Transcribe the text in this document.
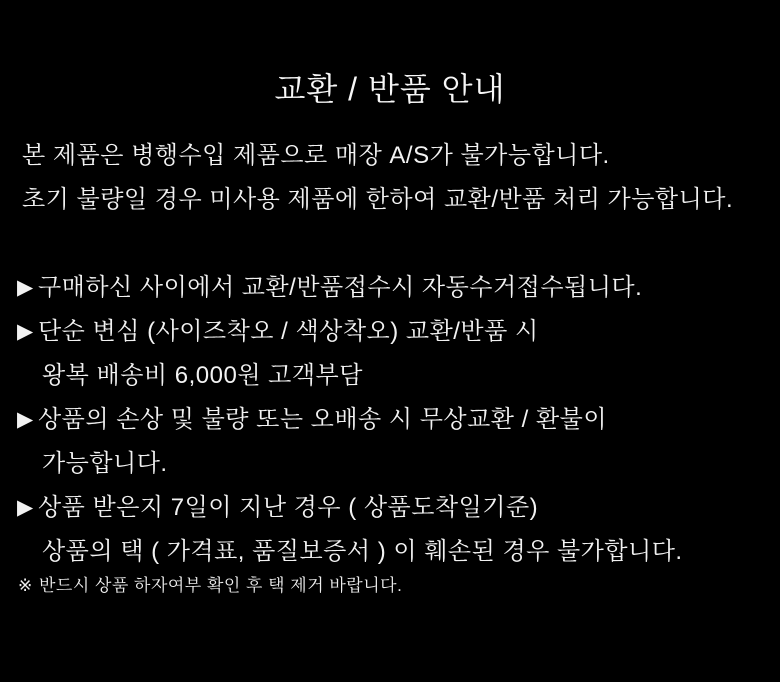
교환 / 반품 안내

본 제품은 병행수입 제품으로 매장 A/S가 불가능합니다.

초기 불량일 경우 미사용 제품에 한하여 교환/반품 처리 가능합니다.

▶ 구매하신 사이에서 교환/반품접수시 자동수거접수됩니다.
▶ 단순 변심 (사이즈착오 / 색상착오) 교환/반품 시
왕복 배송비 6,000원 고객부담
▶ 상품의 손상 및 불량 또는 오배송 시 무상교환 / 환불이
가능합니다.
▶ 상품 받은지 7일이 지난 경우 ( 상품도착일기준)
상품의 택 ( 가격표, 품질보증서 ) 이 훼손된 경우 불가합니다.

※ 반드시 상품 하자여부 확인 후 택 제거 바랍니다.
